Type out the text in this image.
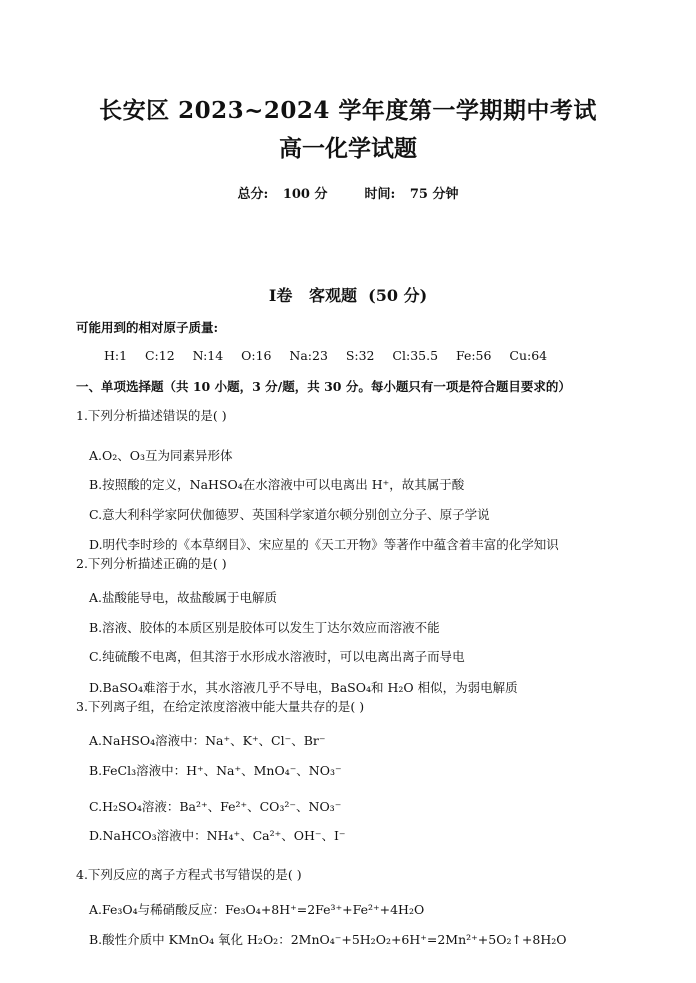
长安区 2023~2024 学年度第一学期期中考试
高一化学试题
总分: 100 分	时间: 75 分钟
I卷   客观题  (50 分)
可能用到的相对原子质量:
H:1   C:12   N:14   O:16   Na:23   S:32   Cl:35.5   Fe:56   Cu:64
一、单项选择题（共 10 小题，3 分/题，共 30 分。每小题只有一项是符合题目要求的）
1.下列分析描述错误的是( )
A.O₂、O₃互为同素异形体
B.按照酸的定义，NaHSO₄在水溶液中可以电离出 H⁺，故其属于酸
C.意大利科学家阿伏伽德罗、英国科学家道尔顿分别创立分子、原子学说
D.明代李时珍的《本草纲目》、宋应星的《天工开物》等著作中蕴含着丰富的化学知识
2.下列分析描述正确的是( )
A.盐酸能导电，故盐酸属于电解质
B.溶液、胶体的本质区别是胶体可以发生丁达尔效应而溶液不能
C.纯硫酸不电离，但其溶于水形成水溶液时，可以电离出离子而导电
D.BaSO₄难溶于水，其水溶液几乎不导电，BaSO₄和 H₂O 相似，为弱电解质
3.下列离子组，在给定浓度溶液中能大量共存的是( )
A.NaHSO₄溶液中：Na⁺、K⁺、Cl⁻、Br⁻
B.FeCl₃溶液中：H⁺、Na⁺、MnO₄⁻、NO₃⁻
C.H₂SO₄溶液：Ba²⁺、Fe²⁺、CO₃²⁻、NO₃⁻
D.NaHCO₃溶液中：NH₄⁺、Ca²⁺、OH⁻、I⁻
4.下列反应的离子方程式书写错误的是( )
A.Fe₃O₄与稀硝酸反应：Fe₃O₄+8H⁺=2Fe³⁺+Fe²⁺+4H₂O
B.酸性介质中 KMnO₄ 氧化 H₂O₂：2MnO₄⁻+5H₂O₂+6H⁺=2Mn²⁺+5O₂↑+8H₂O
